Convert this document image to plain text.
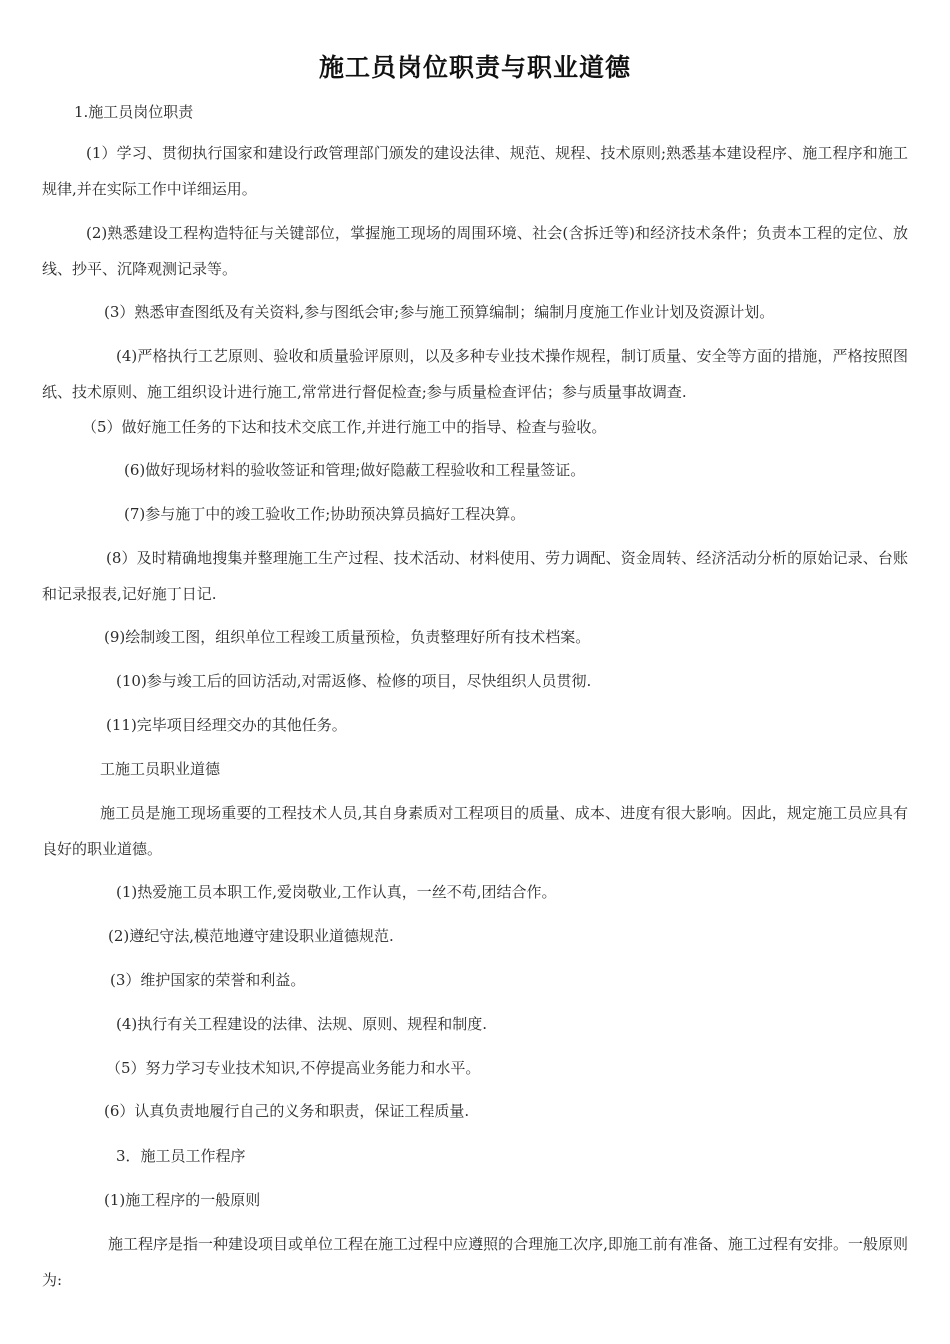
施工员岗位职责与职业道德

1.施工员岗位职责

(1）学习、贯彻执行国家和建设行政管理部门颁发的建设法律、规范、规程、技术原则;熟悉基本建设程序、施工程序和施工规律,并在实际工作中详细运用。

(2)熟悉建设工程构造特征与关键部位，掌握施工现场的周围环境、社会(含拆迁等)和经济技术条件；负责本工程的定位、放线、抄平、沉降观测记录等。

(3）熟悉审查图纸及有关资料,参与图纸会审;参与施工预算编制；编制月度施工作业计划及资源计划。

(4)严格执行工艺原则、验收和质量验评原则，以及多种专业技术操作规程，制订质量、安全等方面的措施，严格按照图纸、技术原则、施工组织设计进行施工,常常进行督促检查;参与质量检查评估；参与质量事故调查.

（5）做好施工任务的下达和技术交底工作,并进行施工中的指导、检查与验收。

(6)做好现场材料的验收签证和管理;做好隐蔽工程验收和工程量签证。

(7)参与施丁中的竣工验收工作;协助预决算员搞好工程决算。

(8）及时精确地搜集并整理施工生产过程、技术活动、材料使用、劳力调配、资金周转、经济活动分析的原始记录、台账和记录报表,记好施丁日记.

(9)绘制竣工图，组织单位工程竣工质量预检，负责整理好所有技术档案。

(10)参与竣工后的回访活动,对需返修、检修的项目，尽快组织人员贯彻.

(11)完毕项目经理交办的其他任务。

工施工员职业道德

施工员是施工现场重要的工程技术人员,其自身素质对工程项目的质量、成本、进度有很大影响。因此，规定施工员应具有良好的职业道德。

(1)热爱施工员本职工作,爱岗敬业,工作认真，一丝不苟,团结合作。

(2)遵纪守法,模范地遵守建设职业道德规范.

(3）维护国家的荣誉和利益。

(4)执行有关工程建设的法律、法规、原则、规程和制度.

（5）努力学习专业技术知识,不停提高业务能力和水平。

(6）认真负责地履行自己的义务和职责，保证工程质量.

3．施工员工作程序

(1)施工程序的一般原则

施工程序是指一种建设项目或单位工程在施工过程中应遵照的合理施工次序,即施工前有准备、施工过程有安排。一般原则为:
